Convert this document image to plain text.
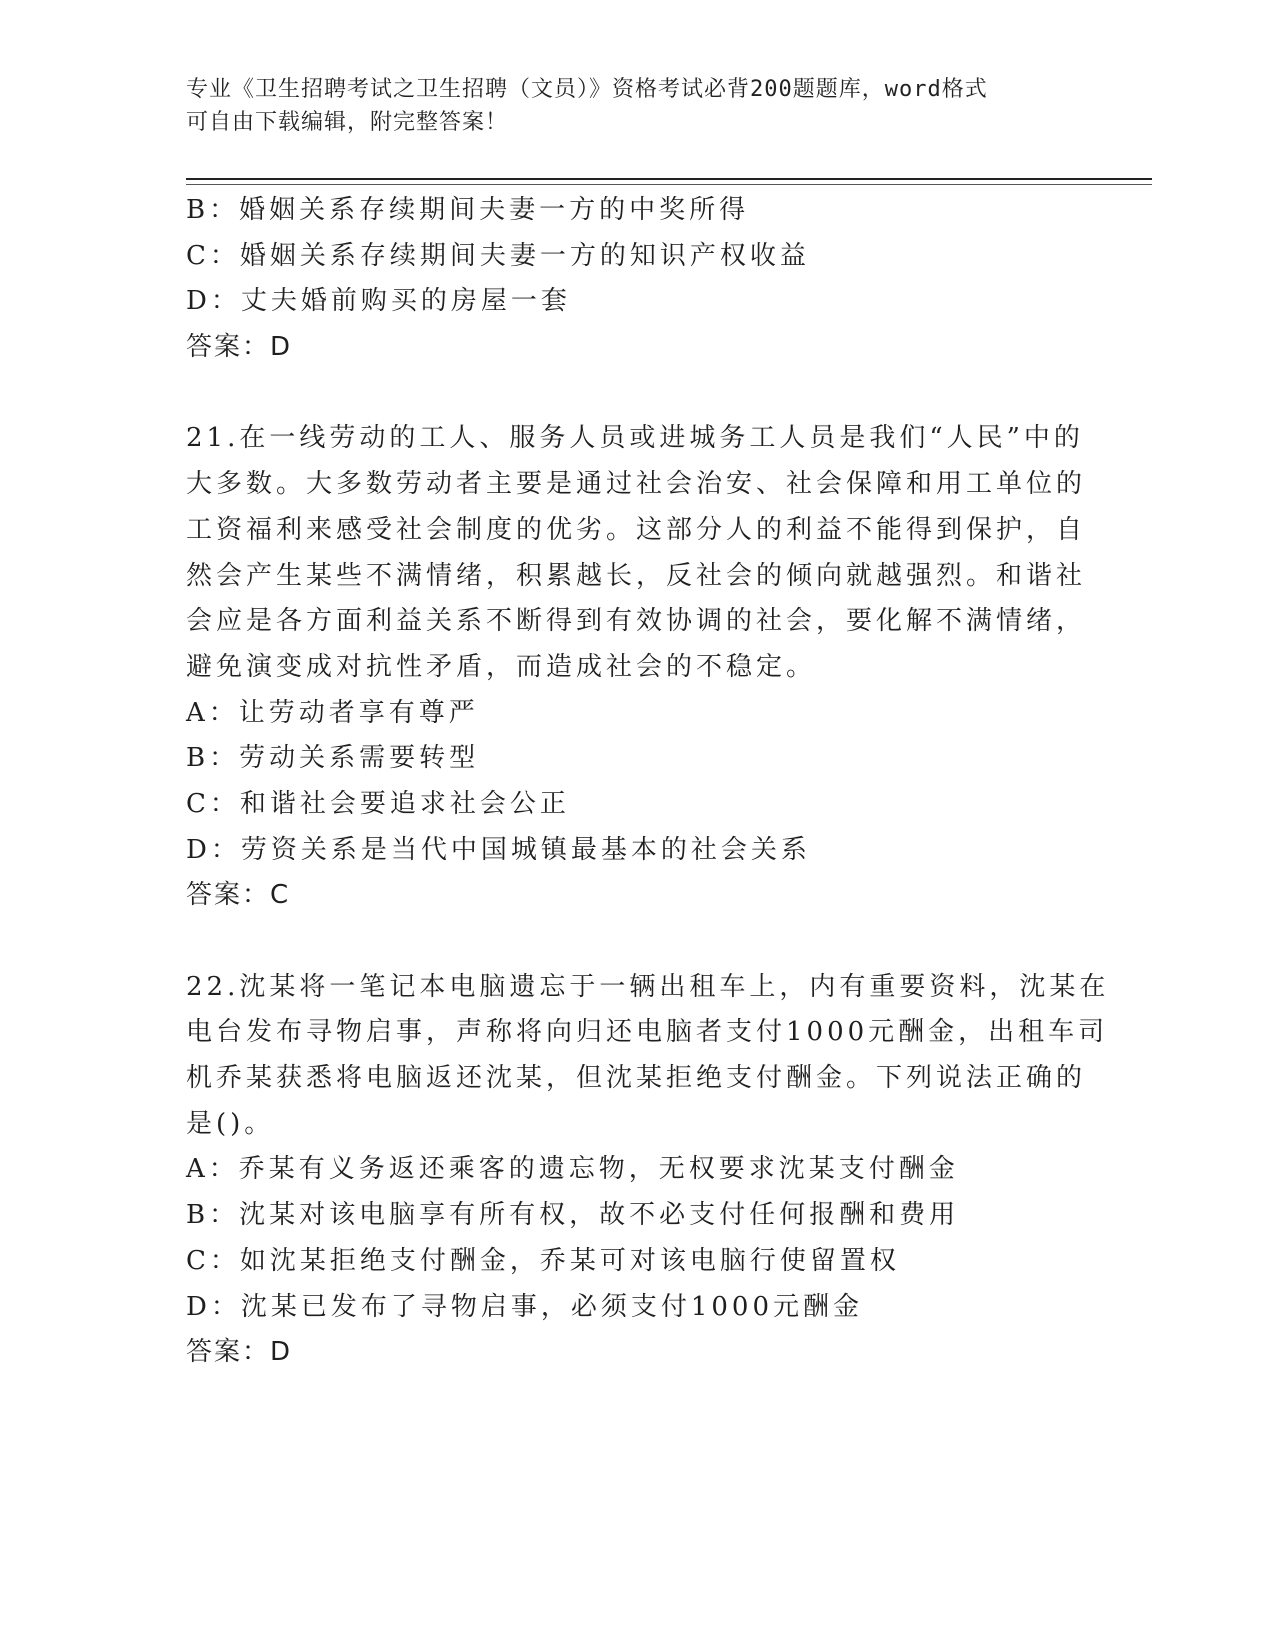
专业《卫生招聘考试之卫生招聘（文员）》资格考试必背200题题库，word格式
可自由下载编辑，附完整答案！
B：婚姻关系存续期间夫妻一方的中奖所得
C：婚姻关系存续期间夫妻一方的知识产权收益
D：丈夫婚前购买的房屋一套
答案：D
21.在一线劳动的工人、服务人员或进城务工人员是我们“人民”中的
大多数。大多数劳动者主要是通过社会治安、社会保障和用工单位的
工资福利来感受社会制度的优劣。这部分人的利益不能得到保护，自
然会产生某些不满情绪，积累越长，反社会的倾向就越强烈。和谐社
会应是各方面利益关系不断得到有效协调的社会，要化解不满情绪，
避免演变成对抗性矛盾，而造成社会的不稳定。
A：让劳动者享有尊严
B：劳动关系需要转型
C：和谐社会要追求社会公正
D：劳资关系是当代中国城镇最基本的社会关系
答案：C
22.沈某将一笔记本电脑遗忘于一辆出租车上，内有重要资料，沈某在
电台发布寻物启事，声称将向归还电脑者支付1000元酬金，出租车司
机乔某获悉将电脑返还沈某，但沈某拒绝支付酬金。下列说法正确的
是()。
A：乔某有义务返还乘客的遗忘物，无权要求沈某支付酬金
B：沈某对该电脑享有所有权，故不必支付任何报酬和费用
C：如沈某拒绝支付酬金，乔某可对该电脑行使留置权
D：沈某已发布了寻物启事，必须支付1000元酬金
答案：D
